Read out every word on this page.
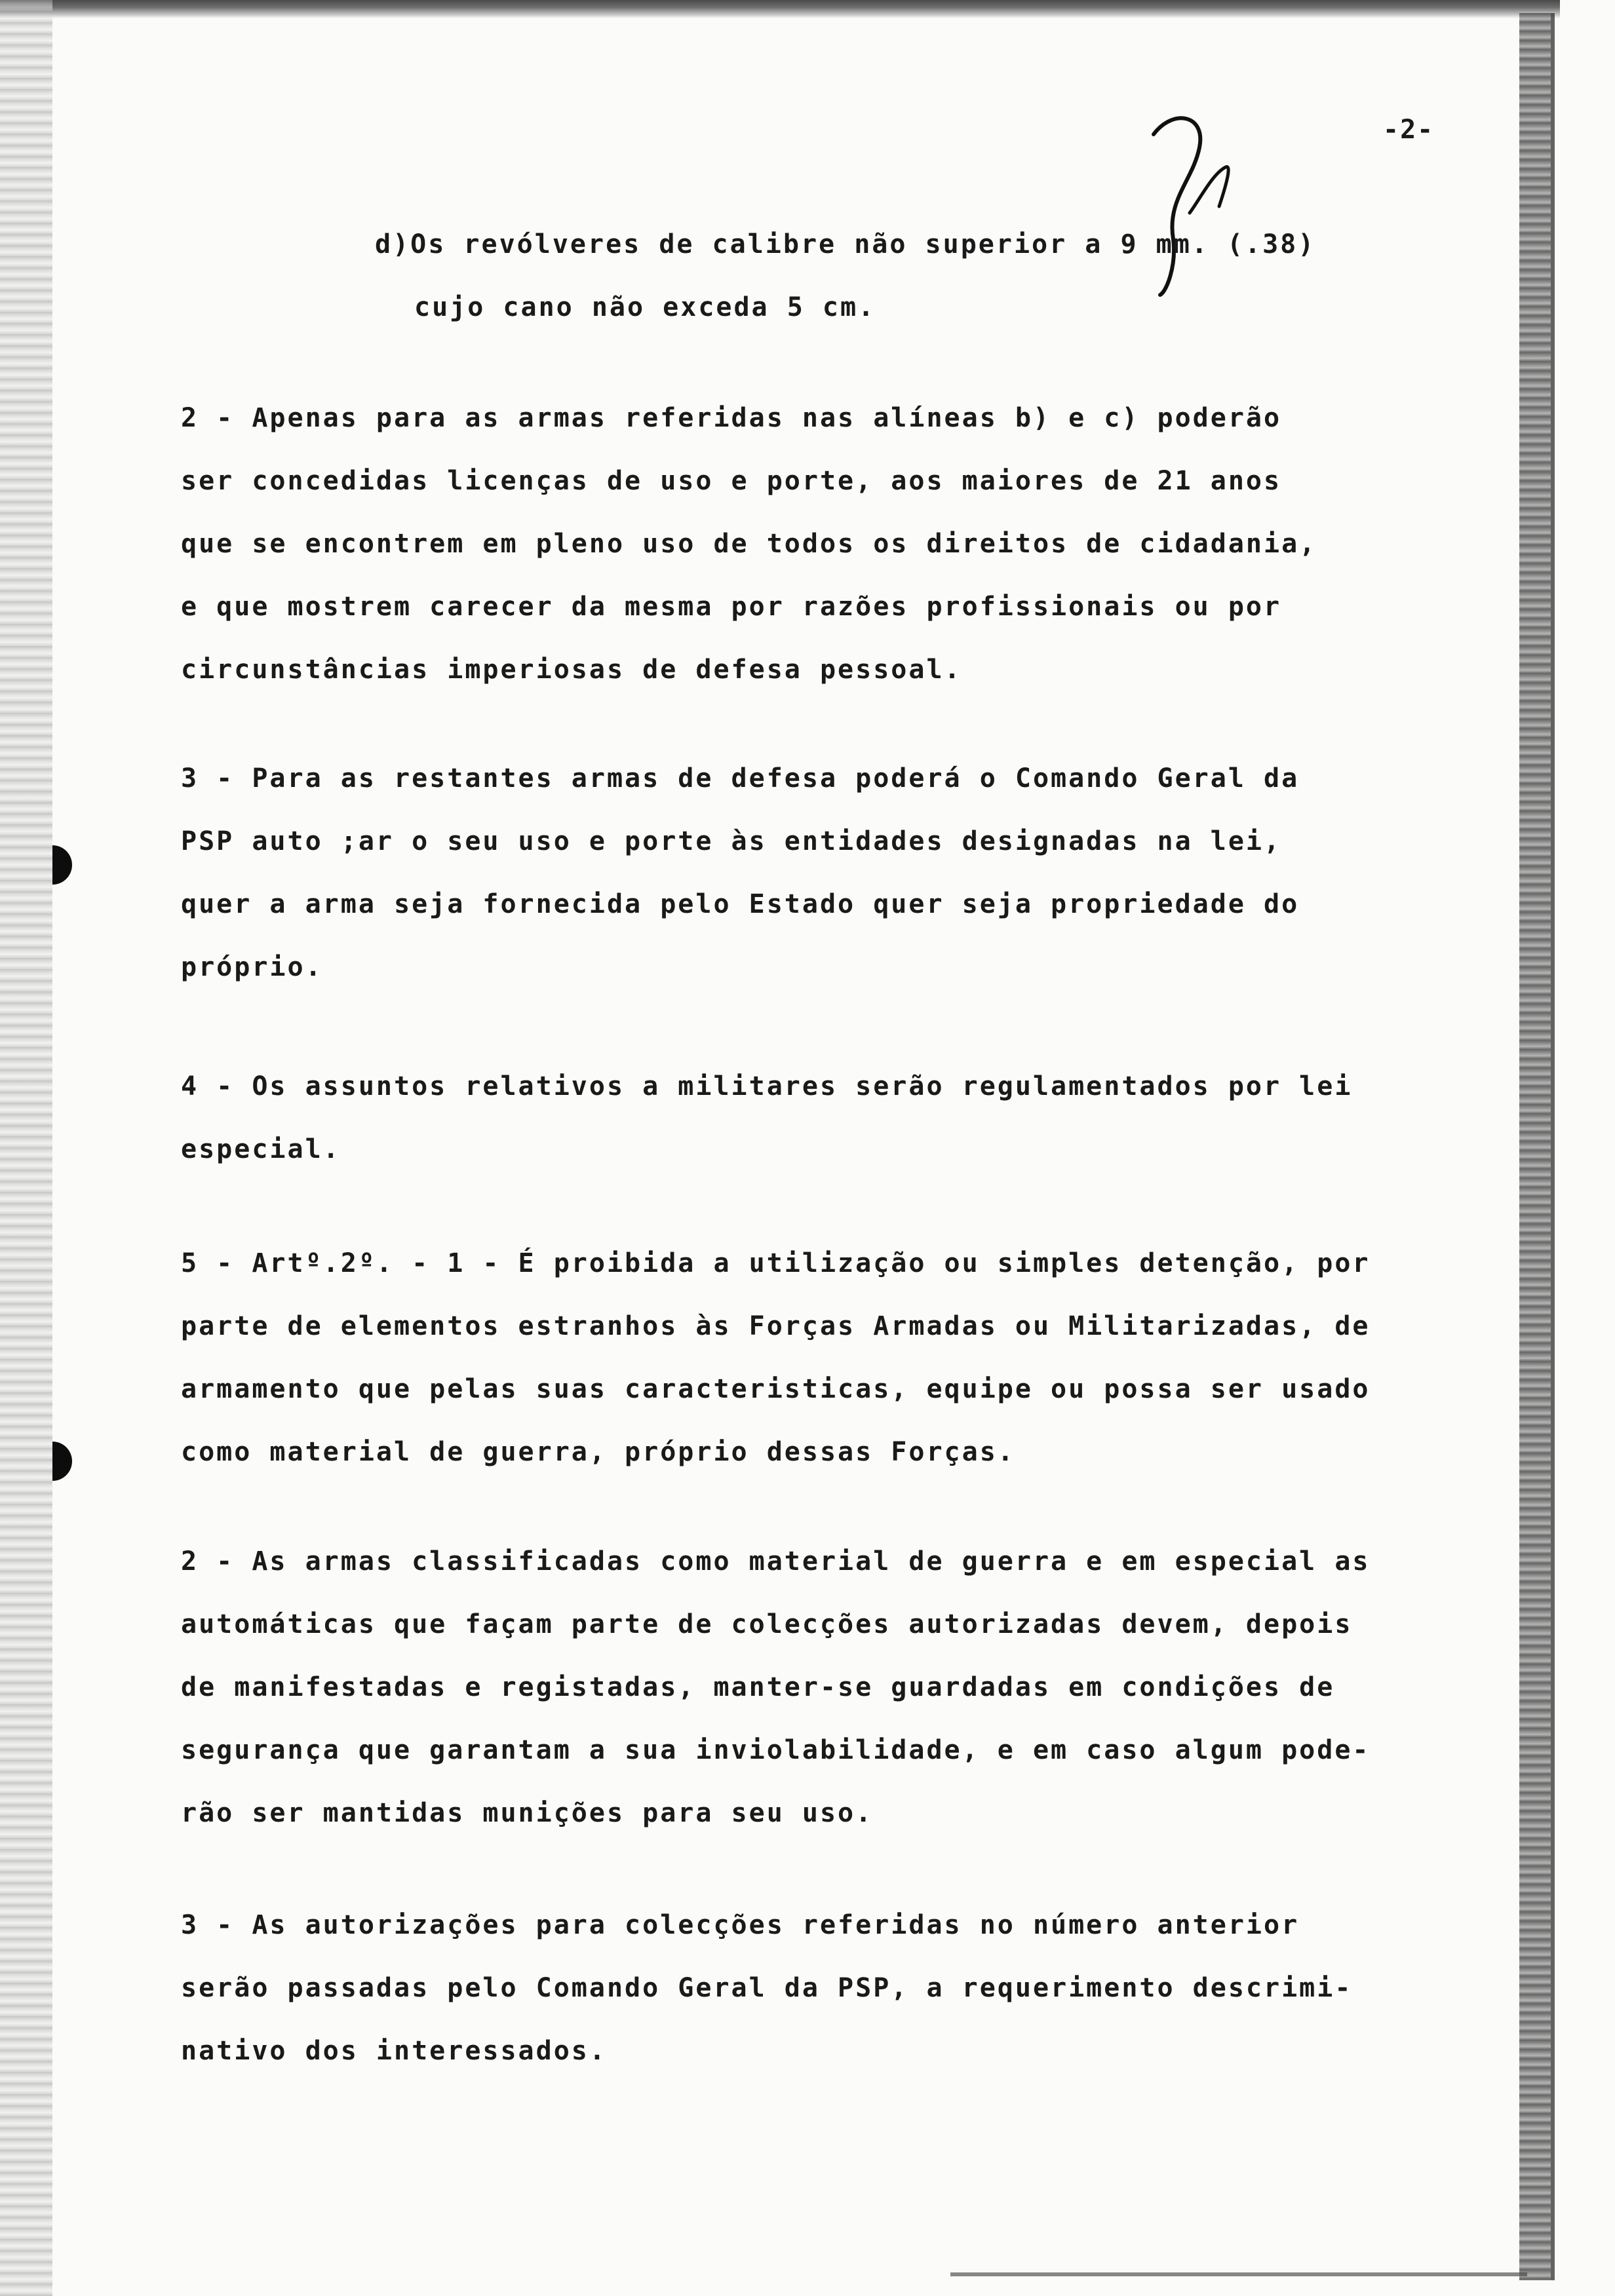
-2-
d)Os revólveres de calibre não superior a 9 mm. (.38)
cujo cano não exceda 5 cm.
2 - Apenas para as armas referidas nas alíneas b) e c) poderão
ser concedidas licenças de uso e porte, aos maiores de 21 anos
que se encontrem em pleno uso de todos os direitos de cidadania,
e que mostrem carecer da mesma por razões profissionais ou por
circunstâncias imperiosas de defesa pessoal.
3 - Para as restantes armas de defesa poderá o Comando Geral da
PSP auto ;ar o seu uso e porte às entidades designadas na lei,
quer a arma seja fornecida pelo Estado quer seja propriedade do
próprio.
4 - Os assuntos relativos a militares serão regulamentados por lei
especial.
5 - Artº.2º. - 1 - É proibida a utilização ou simples detenção, por
parte de elementos estranhos às Forças Armadas ou Militarizadas, de
armamento que pelas suas caracteristicas, equipe ou possa ser usado
como material de guerra, próprio dessas Forças.
2 - As armas classificadas como material de guerra e em especial as
automáticas que façam parte de colecções autorizadas devem, depois
de manifestadas e registadas, manter-se guardadas em condições de
segurança que garantam a sua inviolabilidade, e em caso algum pode-
rão ser mantidas munições para seu uso.
3 - As autorizações para colecções referidas no número anterior
serão passadas pelo Comando Geral da PSP, a requerimento descrimi-
nativo dos interessados.
